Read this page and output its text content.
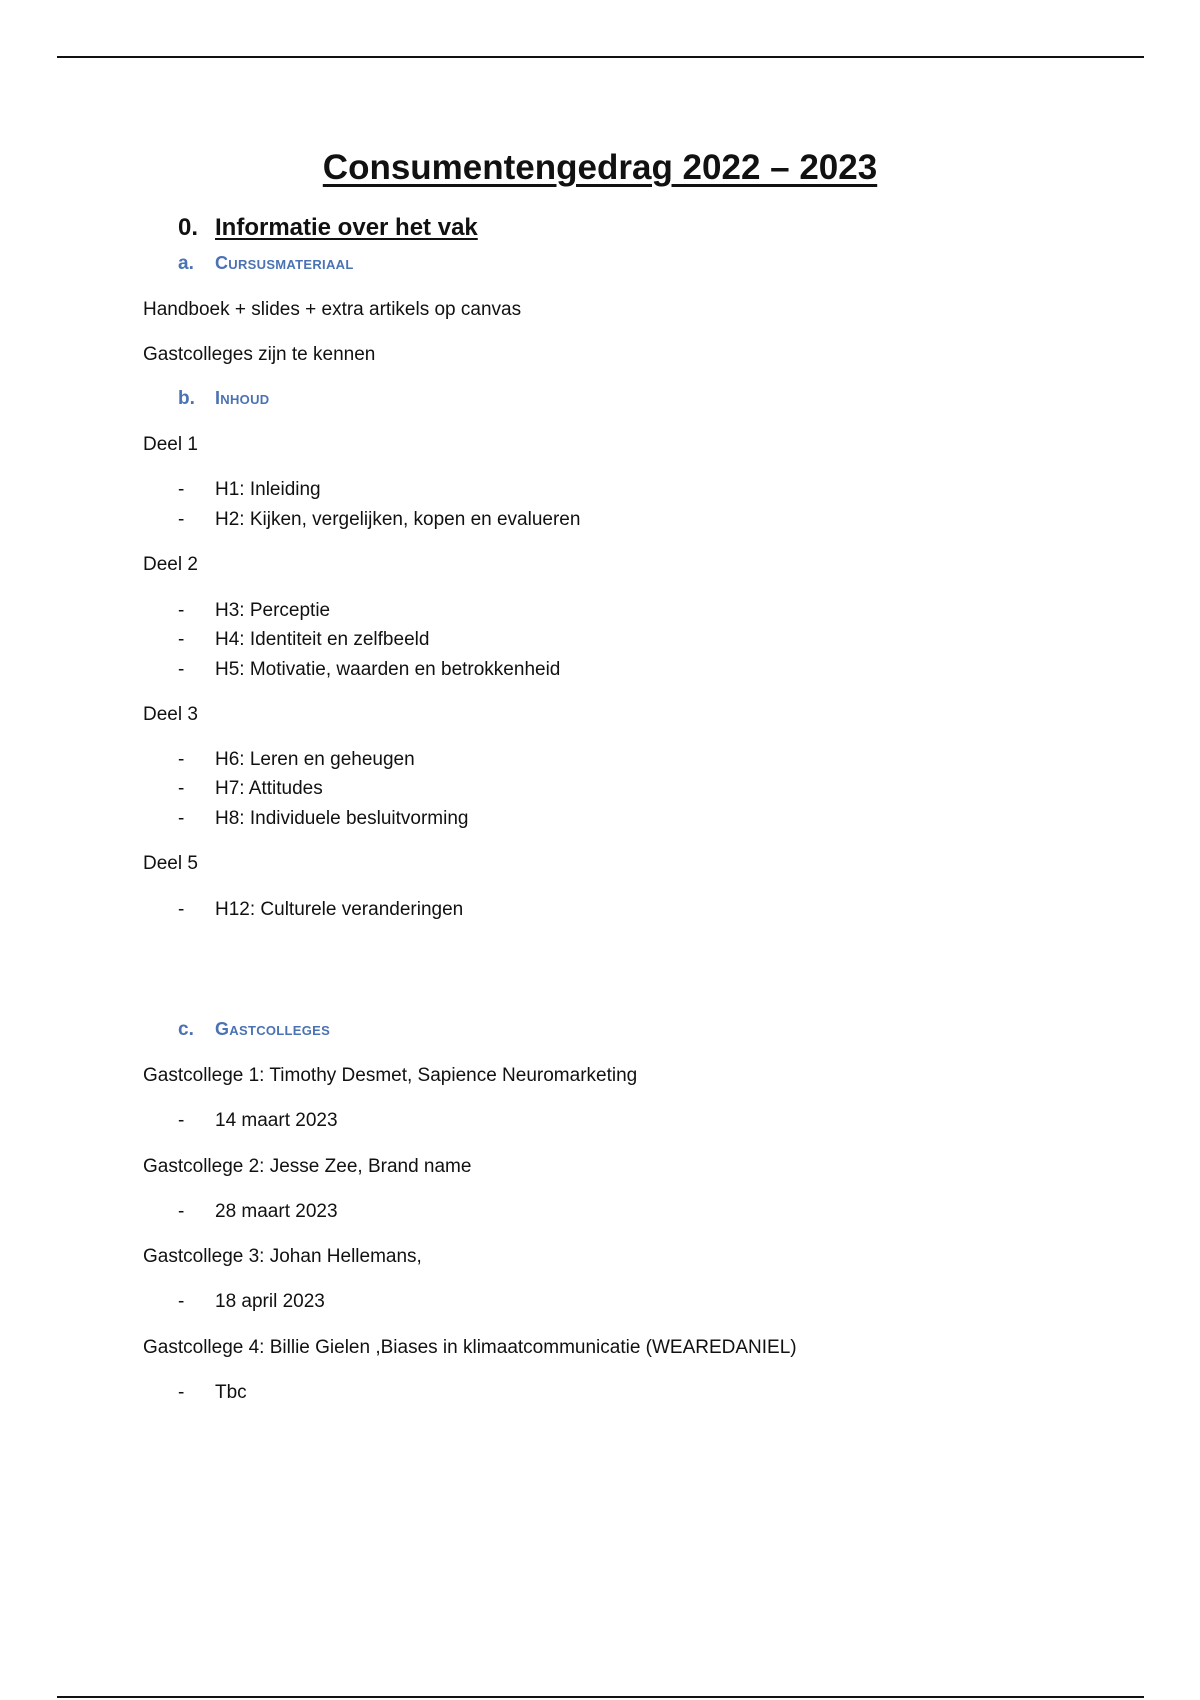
Consumentengedrag 2022 – 2023
0. Informatie over het vak
a. Cursusmateriaal

Handboek + slides + extra artikels op canvas

Gastcolleges zijn te kennen

b. Inhoud

Deel 1

- H1: Inleiding

- H2: Kijken, vergelijken, kopen en evalueren

Deel 2

- H3: Perceptie

- H4: Identiteit en zelfbeeld

- H5: Motivatie, waarden en betrokkenheid

Deel 3

- H6: Leren en geheugen

- H7: Attitudes

- H8: Individuele besluitvorming

Deel 5

- H12: Culturele veranderingen

c. Gastcolleges

Gastcollege 1: Timothy Desmet, Sapience Neuromarketing

- 14 maart 2023

Gastcollege 2: Jesse Zee, Brand name

- 28 maart 2023

Gastcollege 3: Johan Hellemans,

- 18 april 2023

Gastcollege 4: Billie Gielen ,Biases in klimaatcommunicatie (WEAREDANIEL)

- Tbc
